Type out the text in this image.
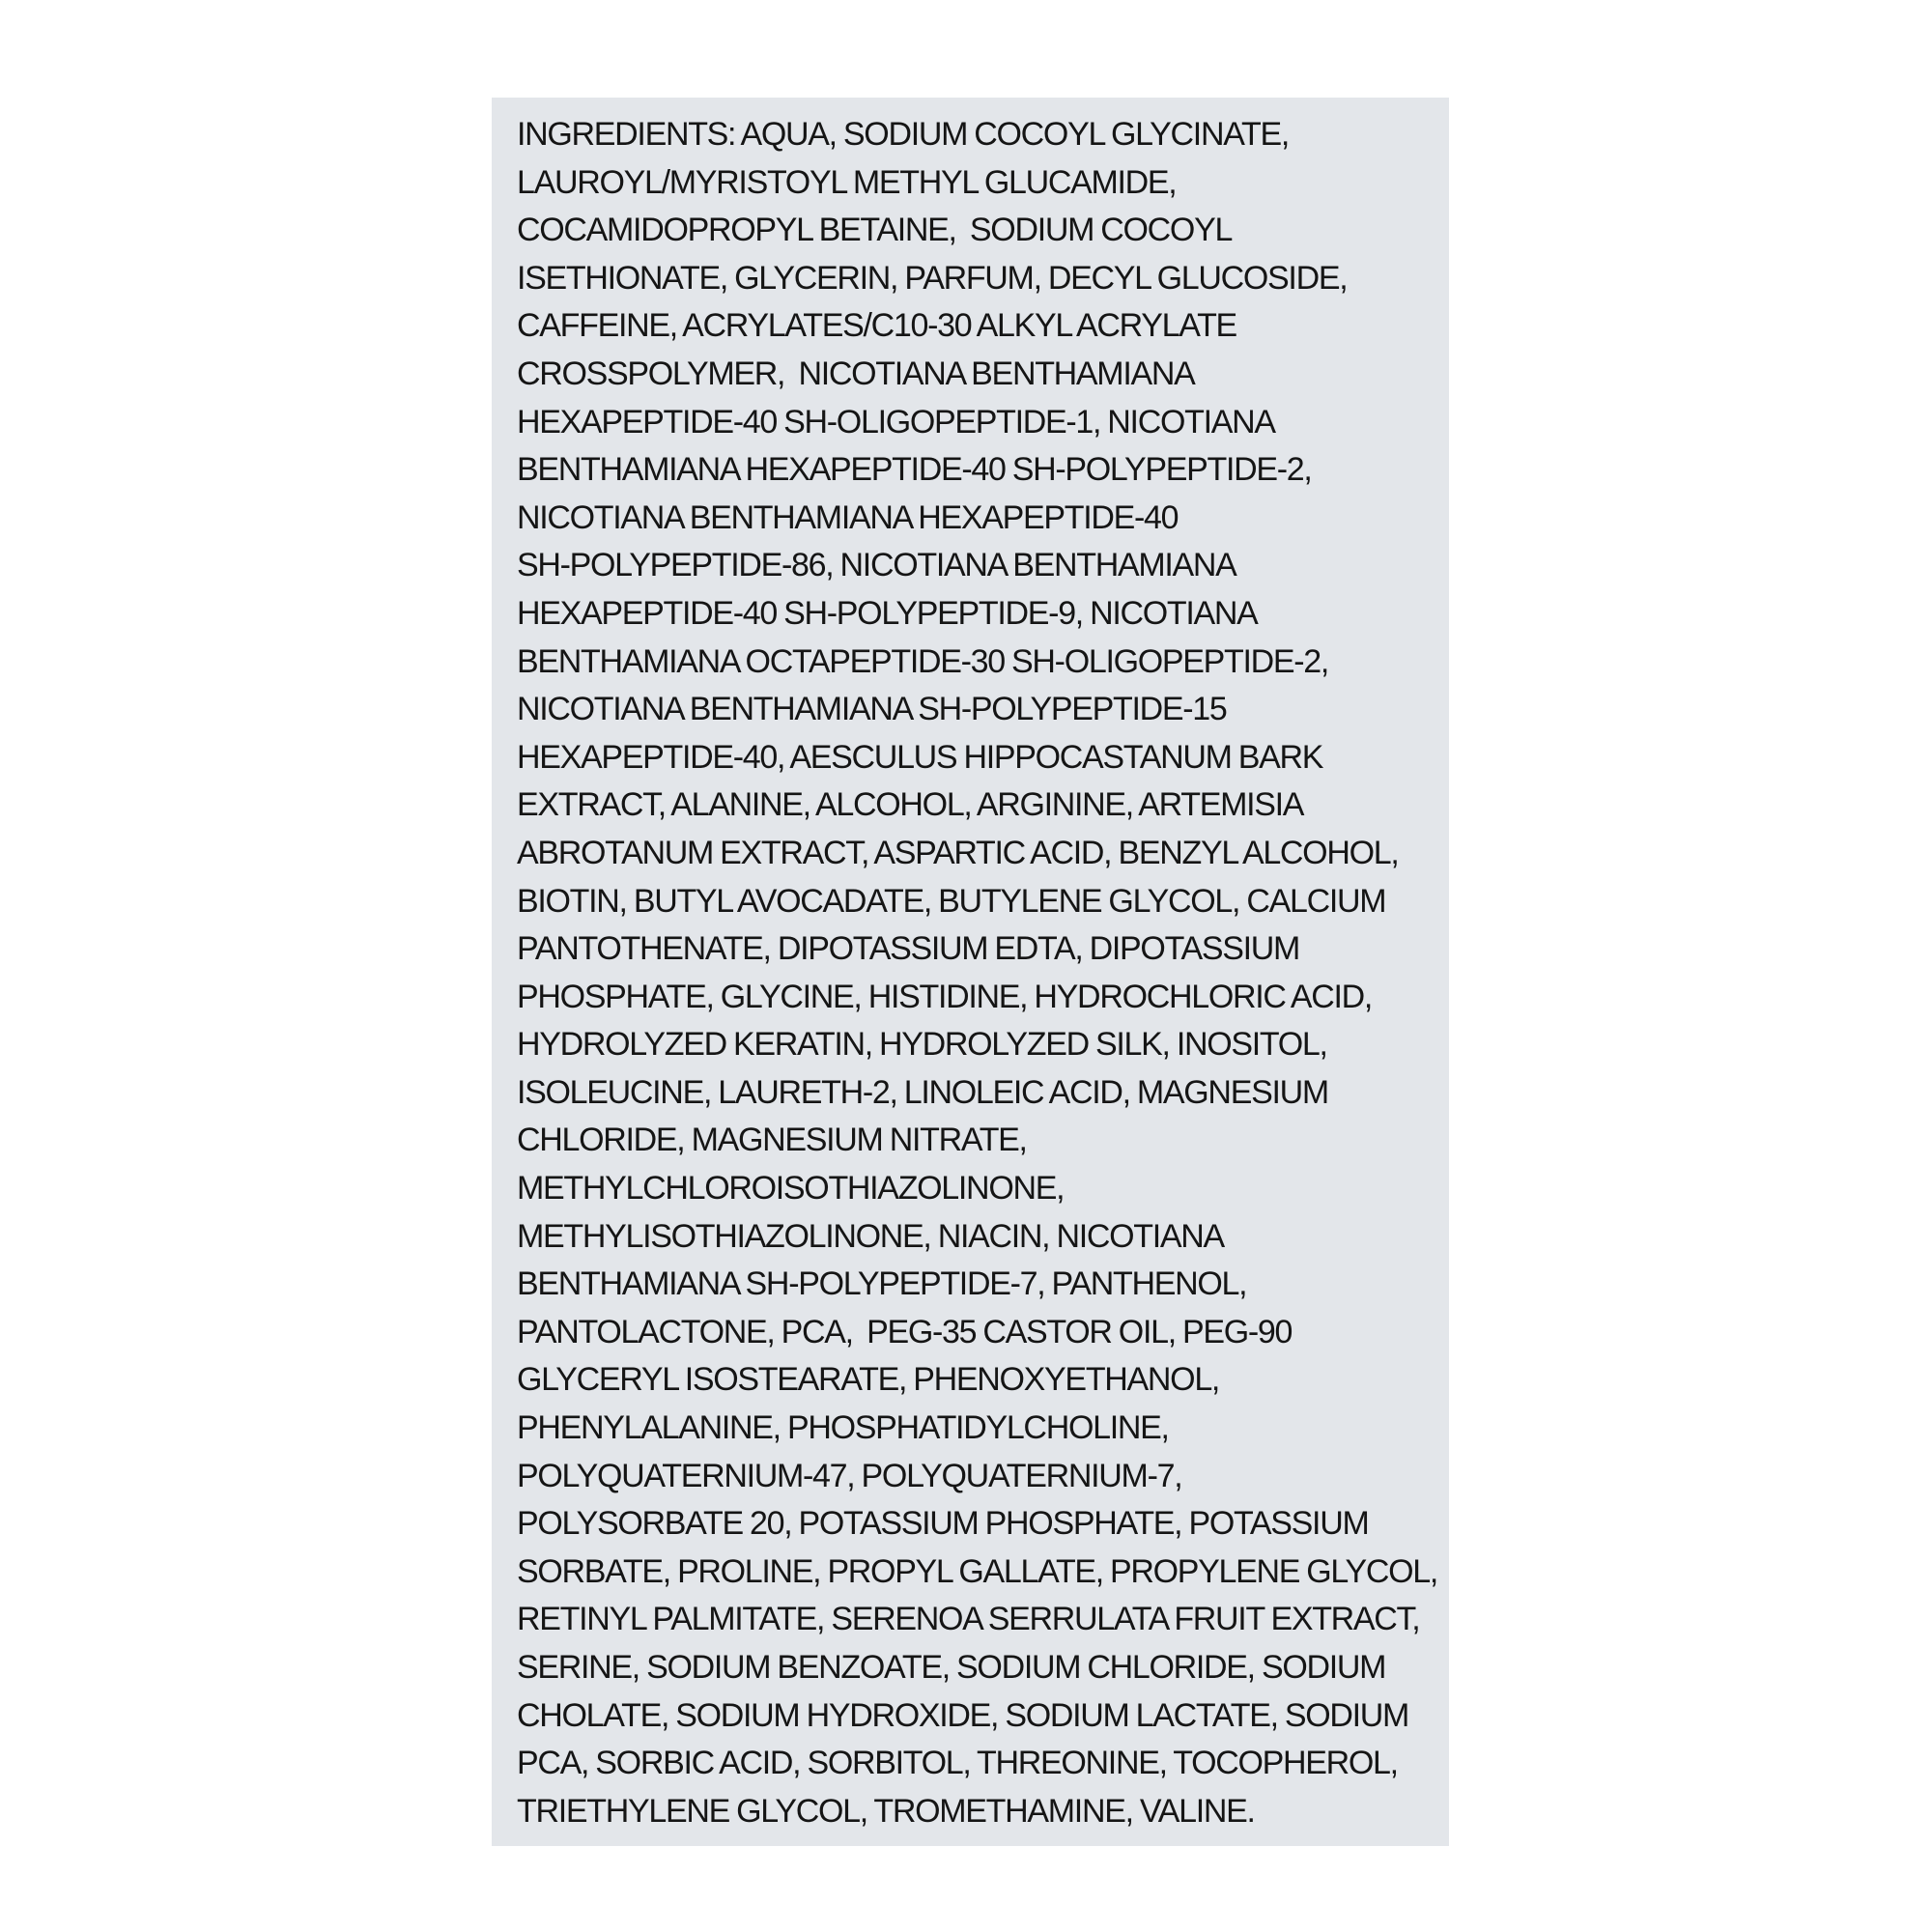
INGREDIENTS: AQUA, SODIUM COCOYL GLYCINATE,
LAUROYL/MYRISTOYL METHYL GLUCAMIDE,
COCAMIDOPROPYL BETAINE,  SODIUM COCOYL
ISETHIONATE, GLYCERIN, PARFUM, DECYL GLUCOSIDE,
CAFFEINE, ACRYLATES/C10-30 ALKYL ACRYLATE
CROSSPOLYMER,  NICOTIANA BENTHAMIANA
HEXAPEPTIDE-40 SH-OLIGOPEPTIDE-1, NICOTIANA
BENTHAMIANA HEXAPEPTIDE-40 SH-POLYPEPTIDE-2,
NICOTIANA BENTHAMIANA HEXAPEPTIDE-40
SH-POLYPEPTIDE-86, NICOTIANA BENTHAMIANA
HEXAPEPTIDE-40 SH-POLYPEPTIDE-9, NICOTIANA
BENTHAMIANA OCTAPEPTIDE-30 SH-OLIGOPEPTIDE-2,
NICOTIANA BENTHAMIANA SH-POLYPEPTIDE-15
HEXAPEPTIDE-40, AESCULUS HIPPOCASTANUM BARK
EXTRACT, ALANINE, ALCOHOL, ARGININE, ARTEMISIA
ABROTANUM EXTRACT, ASPARTIC ACID, BENZYL ALCOHOL,
BIOTIN, BUTYL AVOCADATE, BUTYLENE GLYCOL, CALCIUM
PANTOTHENATE, DIPOTASSIUM EDTA, DIPOTASSIUM
PHOSPHATE, GLYCINE, HISTIDINE, HYDROCHLORIC ACID,
HYDROLYZED KERATIN, HYDROLYZED SILK, INOSITOL,
ISOLEUCINE, LAURETH-2, LINOLEIC ACID, MAGNESIUM
CHLORIDE, MAGNESIUM NITRATE,
METHYLCHLOROISOTHIAZOLINONE,
METHYLISOTHIAZOLINONE, NIACIN, NICOTIANA
BENTHAMIANA SH-POLYPEPTIDE-7, PANTHENOL,
PANTOLACTONE, PCA,  PEG-35 CASTOR OIL, PEG-90
GLYCERYL ISOSTEARATE, PHENOXYETHANOL,
PHENYLALANINE, PHOSPHATIDYLCHOLINE,
POLYQUATERNIUM-47, POLYQUATERNIUM-7,
POLYSORBATE 20, POTASSIUM PHOSPHATE, POTASSIUM
SORBATE, PROLINE, PROPYL GALLATE, PROPYLENE GLYCOL,
RETINYL PALMITATE, SERENOA SERRULATA FRUIT EXTRACT,
SERINE, SODIUM BENZOATE, SODIUM CHLORIDE, SODIUM
CHOLATE, SODIUM HYDROXIDE, SODIUM LACTATE, SODIUM
PCA, SORBIC ACID, SORBITOL, THREONINE, TOCOPHEROL,
TRIETHYLENE GLYCOL, TROMETHAMINE, VALINE.
